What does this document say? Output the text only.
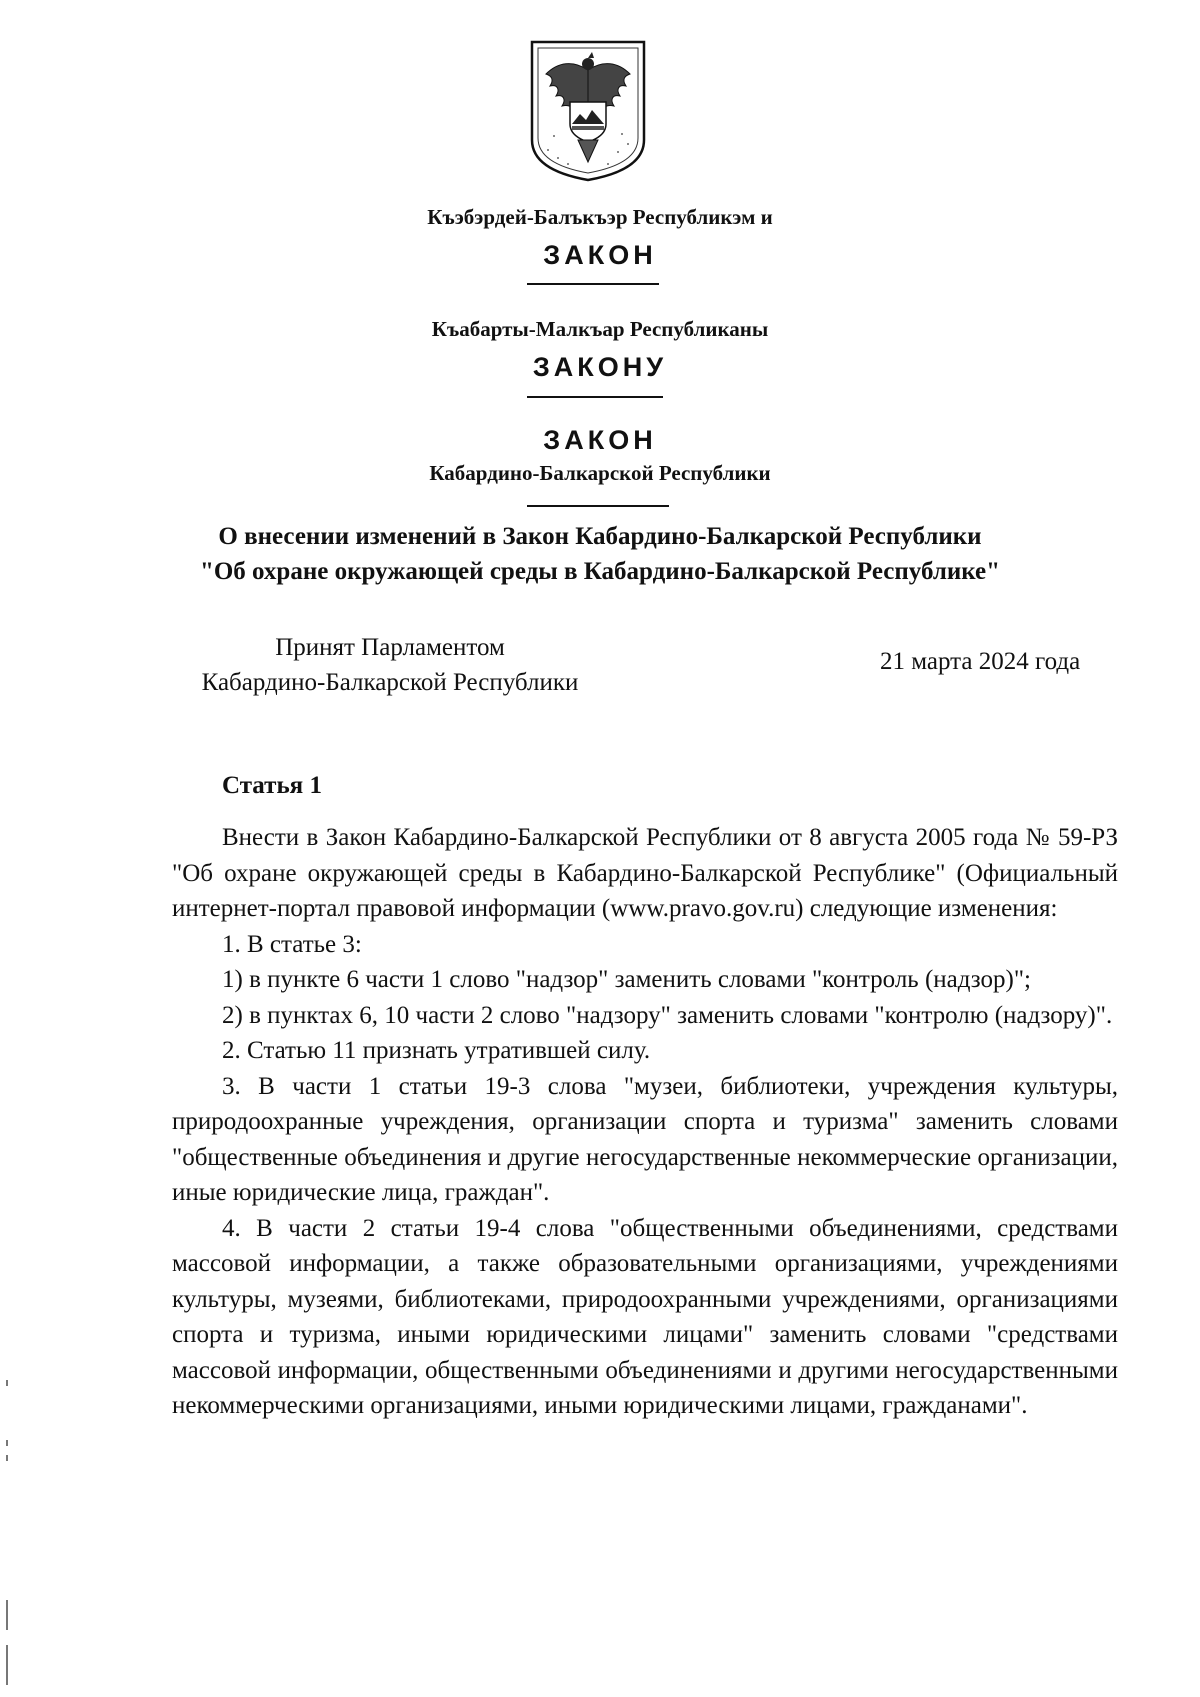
Къэбэрдей-Балъкъэр Республикэм и
ЗАКОН
Къабарты-Малкъар Республиканы
ЗАКОНУ
ЗАКОН
Кабардино-Балкарской Республики
О внесении изменений в Закон Кабардино-Балкарской Республики
"Об охране окружающей среды в Кабардино-Балкарской Республике"
Принят Парламентом
Кабардино-Балкарской Республики
21 марта 2024 года
Статья 1

Внести в Закон Кабардино-Балкарской Республики от 8 августа 2005 года № 59-РЗ "Об охране окружающей среды в Кабардино-Балкарской Республике" (Официальный интернет-портал правовой информации (www.pravo.gov.ru) следующие изменения:

1. В статье 3:

1) в пункте 6 части 1 слово "надзор" заменить словами "контроль (надзор)";

2) в пунктах 6, 10 части 2 слово "надзору" заменить словами "контролю (надзору)".

2. Статью 11 признать утратившей силу.

3. В части 1 статьи 19-3 слова "музеи, библиотеки, учреждения культуры, природоохранные учреждения, организации спорта и туризма" заменить словами "общественные объединения и другие негосударственные некоммерческие организации, иные юридические лица, граждан".

4. В части 2 статьи 19-4 слова "общественными объединениями, средствами массовой информации, а также образовательными организациями, учреждениями культуры, музеями, библиотеками, природоохранными учреждениями, организациями спорта и туризма, иными юридическими лицами" заменить словами "средствами массовой информации, общественными объединениями и другими негосударственными некоммерческими организациями, иными юридическими лицами, гражданами".
